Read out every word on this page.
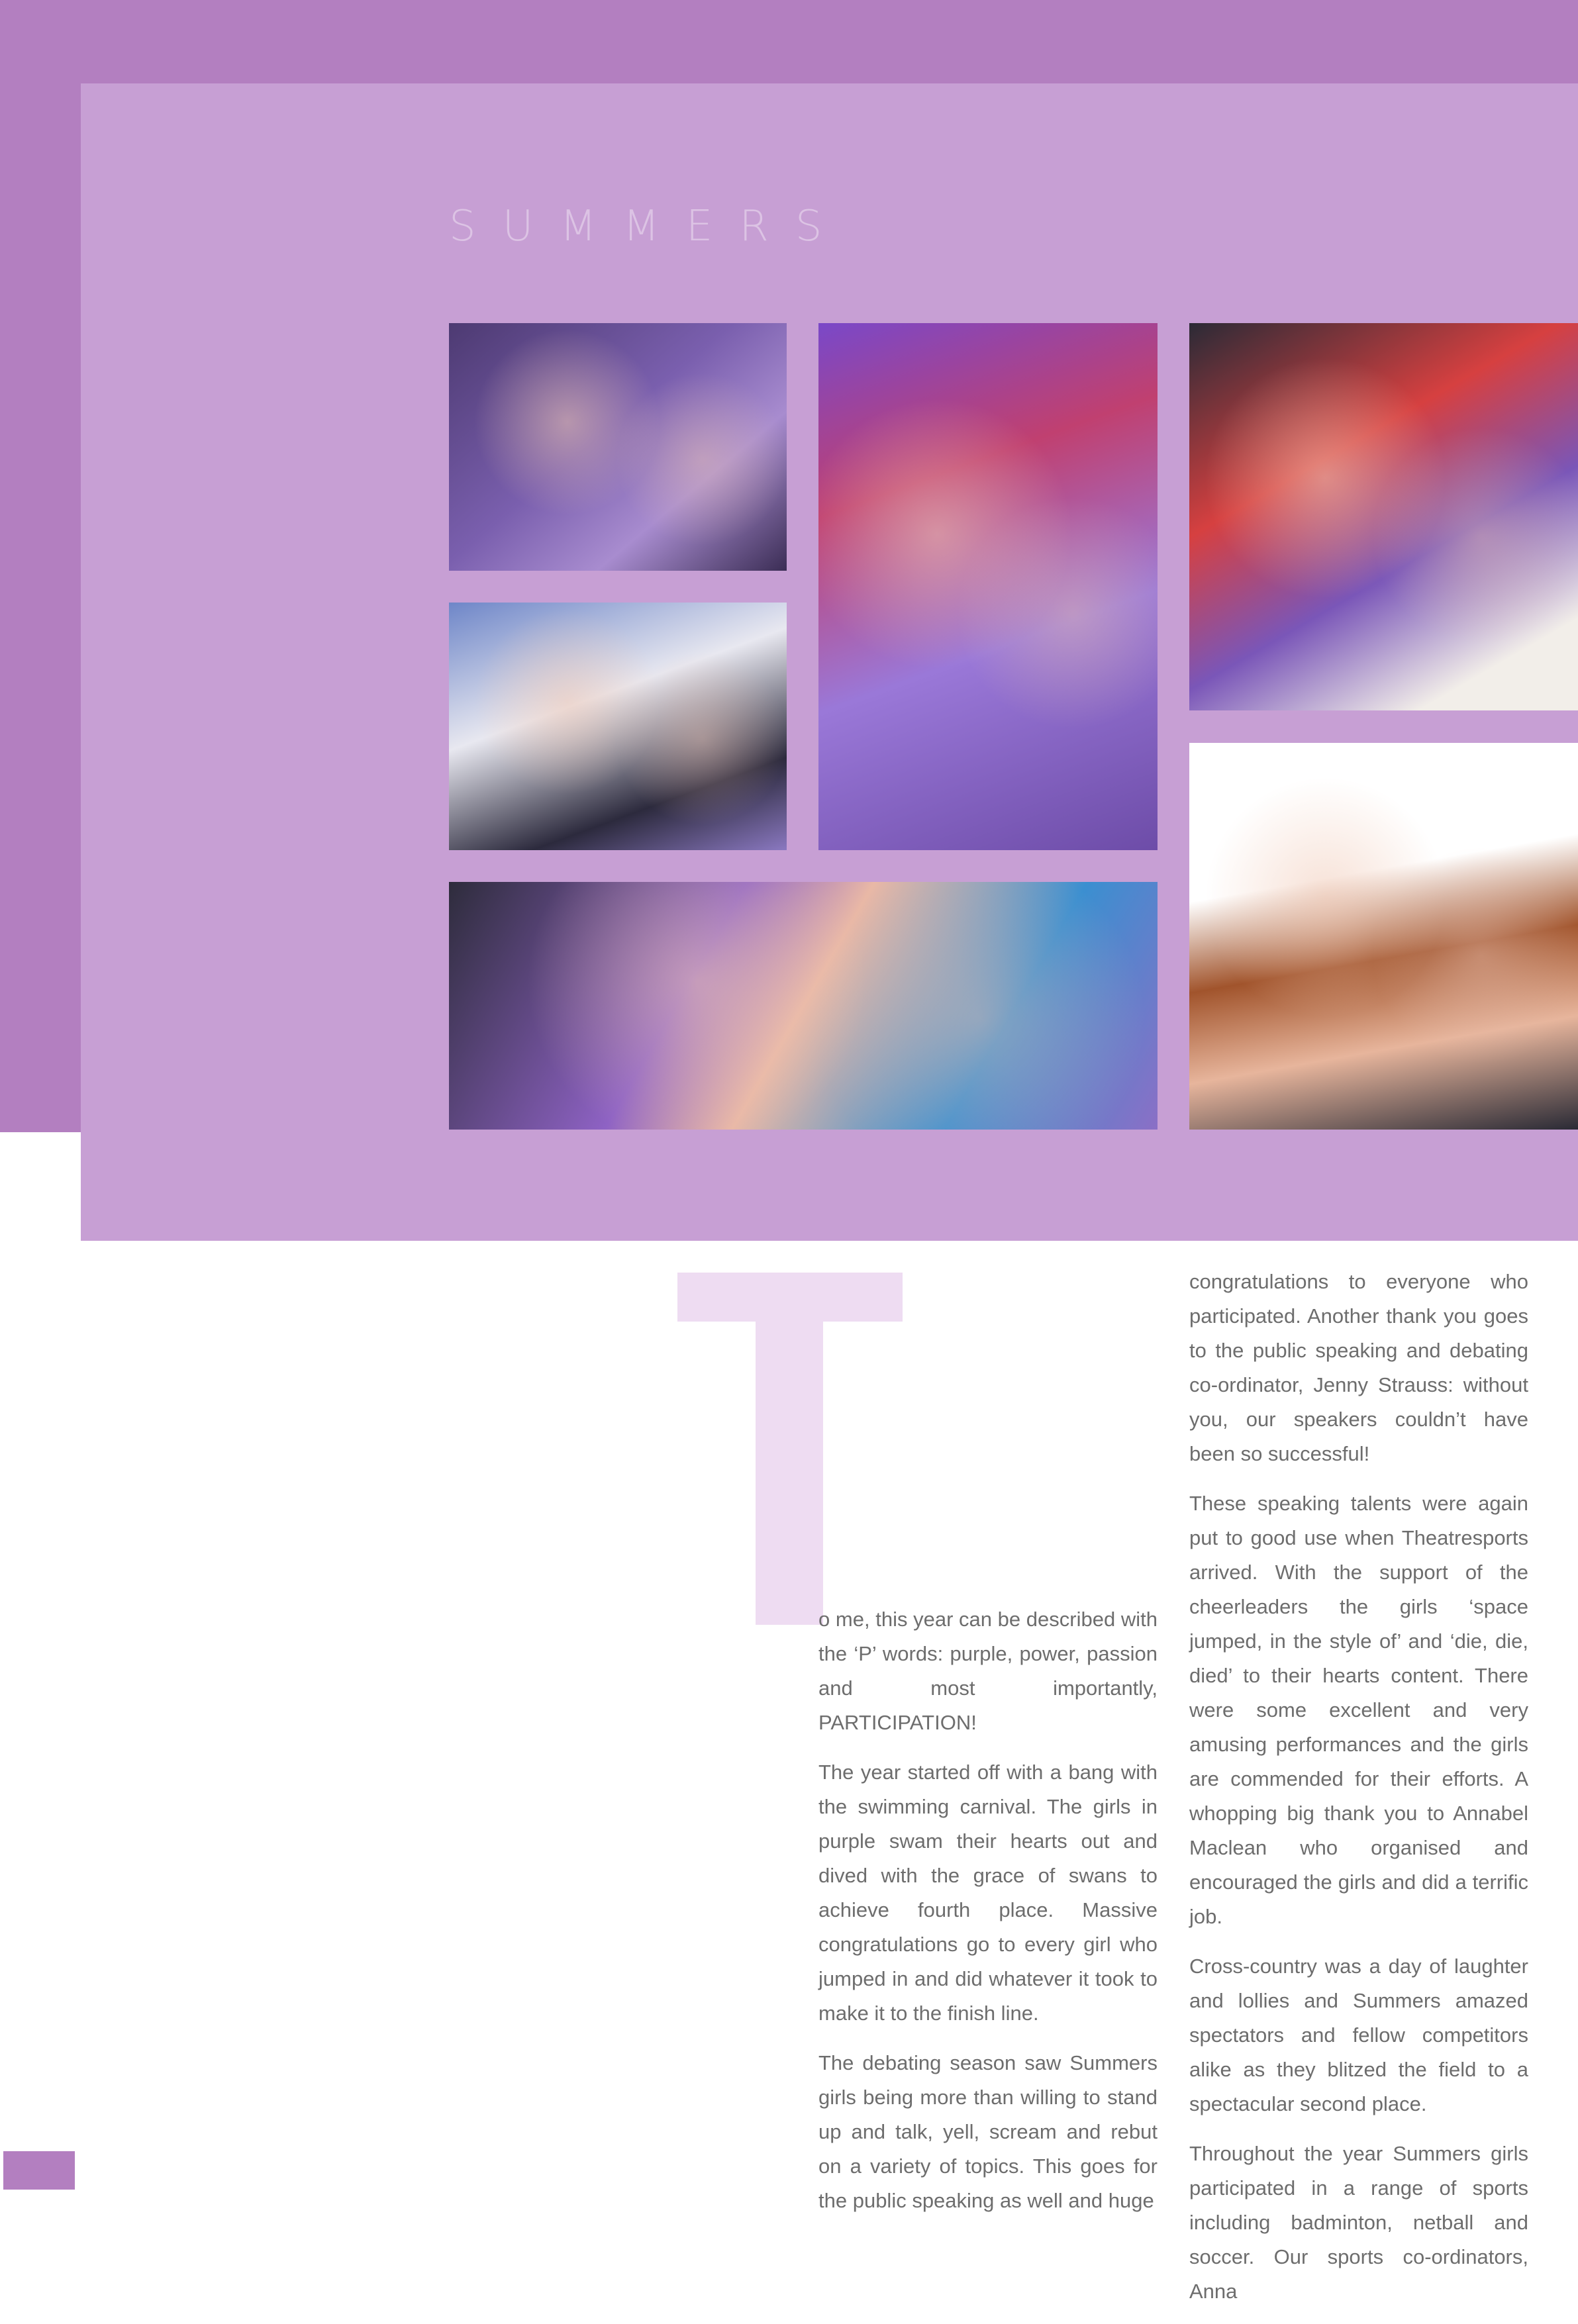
SUMMERS

o me, this year can be described with the ‘P’ words: purple, power, passion and most importantly, PARTICIPATION!

The year started off with a bang with the swimming carnival. The girls in purple swam their hearts out and dived with the grace of swans to achieve fourth place. Massive congratulations go to every girl who jumped in and did whatever it took to make it to the finish line.

The debating season saw Summers girls being more than willing to stand up and talk, yell, scream and rebut on a variety of topics. This goes for the public speaking as well and huge

congratulations to everyone who participated. Another thank you goes to the public speaking and debating co-ordinator, Jenny Strauss: without you, our speakers couldn’t have been so successful!

These speaking talents were again put to good use when Theatresports arrived. With the support of the cheerleaders the girls ‘space jumped, in the style of’ and ‘die, die, died’ to their hearts content. There were some excellent and very amusing performances and the girls are commended for their efforts. A whopping big thank you to Annabel Maclean who organised and encouraged the girls and did a terrific job.

Cross-country was a day of laughter and lollies and Summers amazed spectators and fellow competitors alike as they blitzed the field to a spectacular second place.

Throughout the year Summers girls participated in a range of sports including badminton, netball and soccer. Our sports co-ordinators, Anna
